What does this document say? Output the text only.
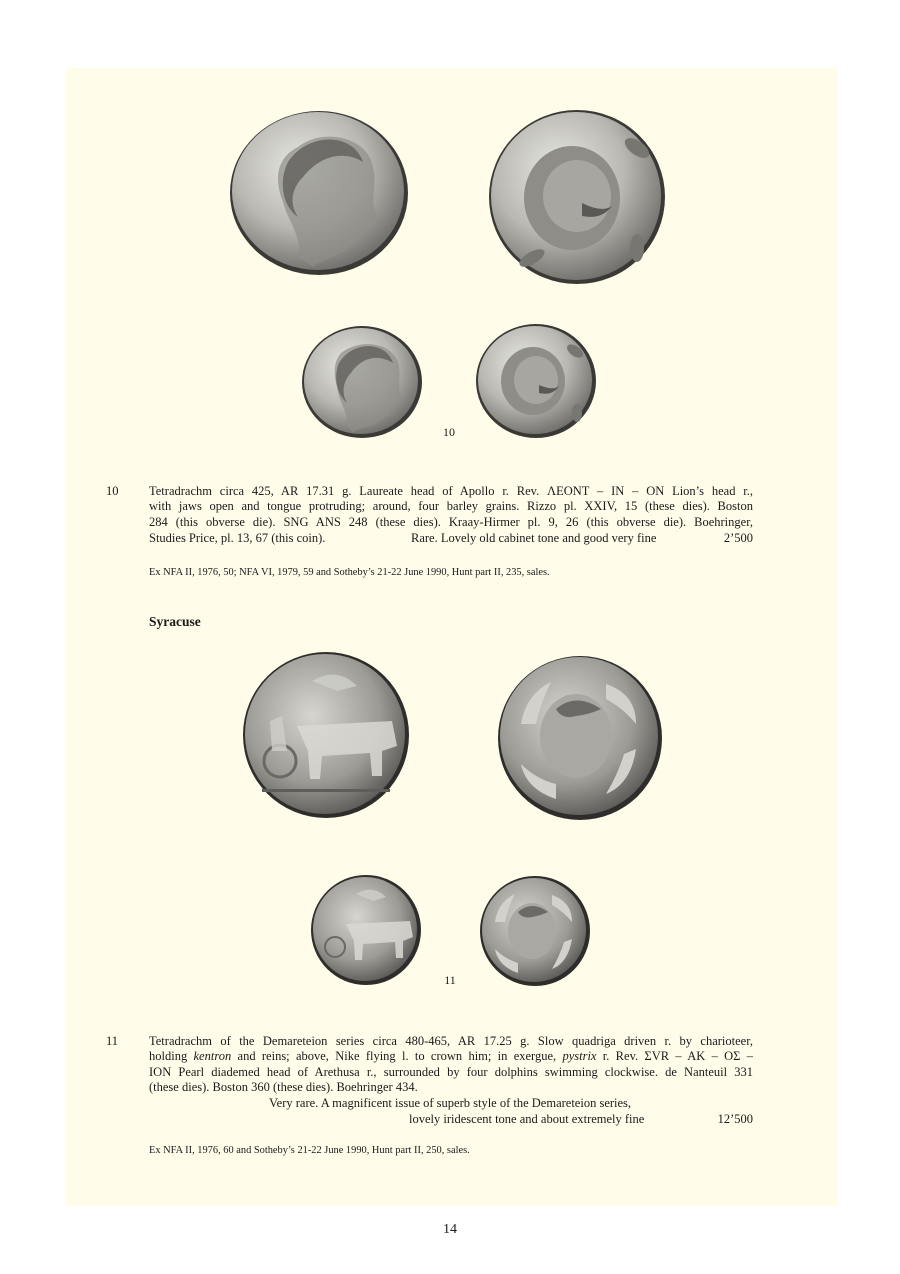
10
10 Tetradrachm circa 425, AR 17.31 g. Laureate head of Apollo r. Rev. ΛEONT – IN – ON Lion’s head r.,
with jaws open and tongue protruding; around, four barley grains. Rizzo pl. XXIV, 15 (these dies). Boston
284 (this obverse die). SNG ANS 248 (these dies). Kraay-Hirmer pl. 9, 26 (this obverse die). Boehringer,
Studies Price, pl. 13, 67 (this coin).	Rare. Lovely old cabinet tone and good very fine	2’500
Ex NFA II, 1976, 50; NFA VI, 1979, 59 and Sotheby’s 21-22 June 1990, Hunt part II, 235, sales.
Syracuse
11
11 Tetradrachm of the Demareteion series circa 480-465, AR 17.25 g. Slow quadriga driven r. by charioteer,
holding kentron and reins; above, Nike flying l. to crown him; in exergue, pystrix r. Rev. ΣVR – AK – OΣ –
ION Pearl diademed head of Arethusa r., surrounded by four dolphins swimming clockwise. de Nanteuil 331
(these dies). Boston 360 (these dies). Boehringer 434.
Very rare. A magnificent issue of superb style of the Demareteion series,
lovely iridescent tone and about extremely fine	12’500
Ex NFA II, 1976, 60 and Sotheby’s 21-22 June 1990, Hunt part II, 250, sales.
14
